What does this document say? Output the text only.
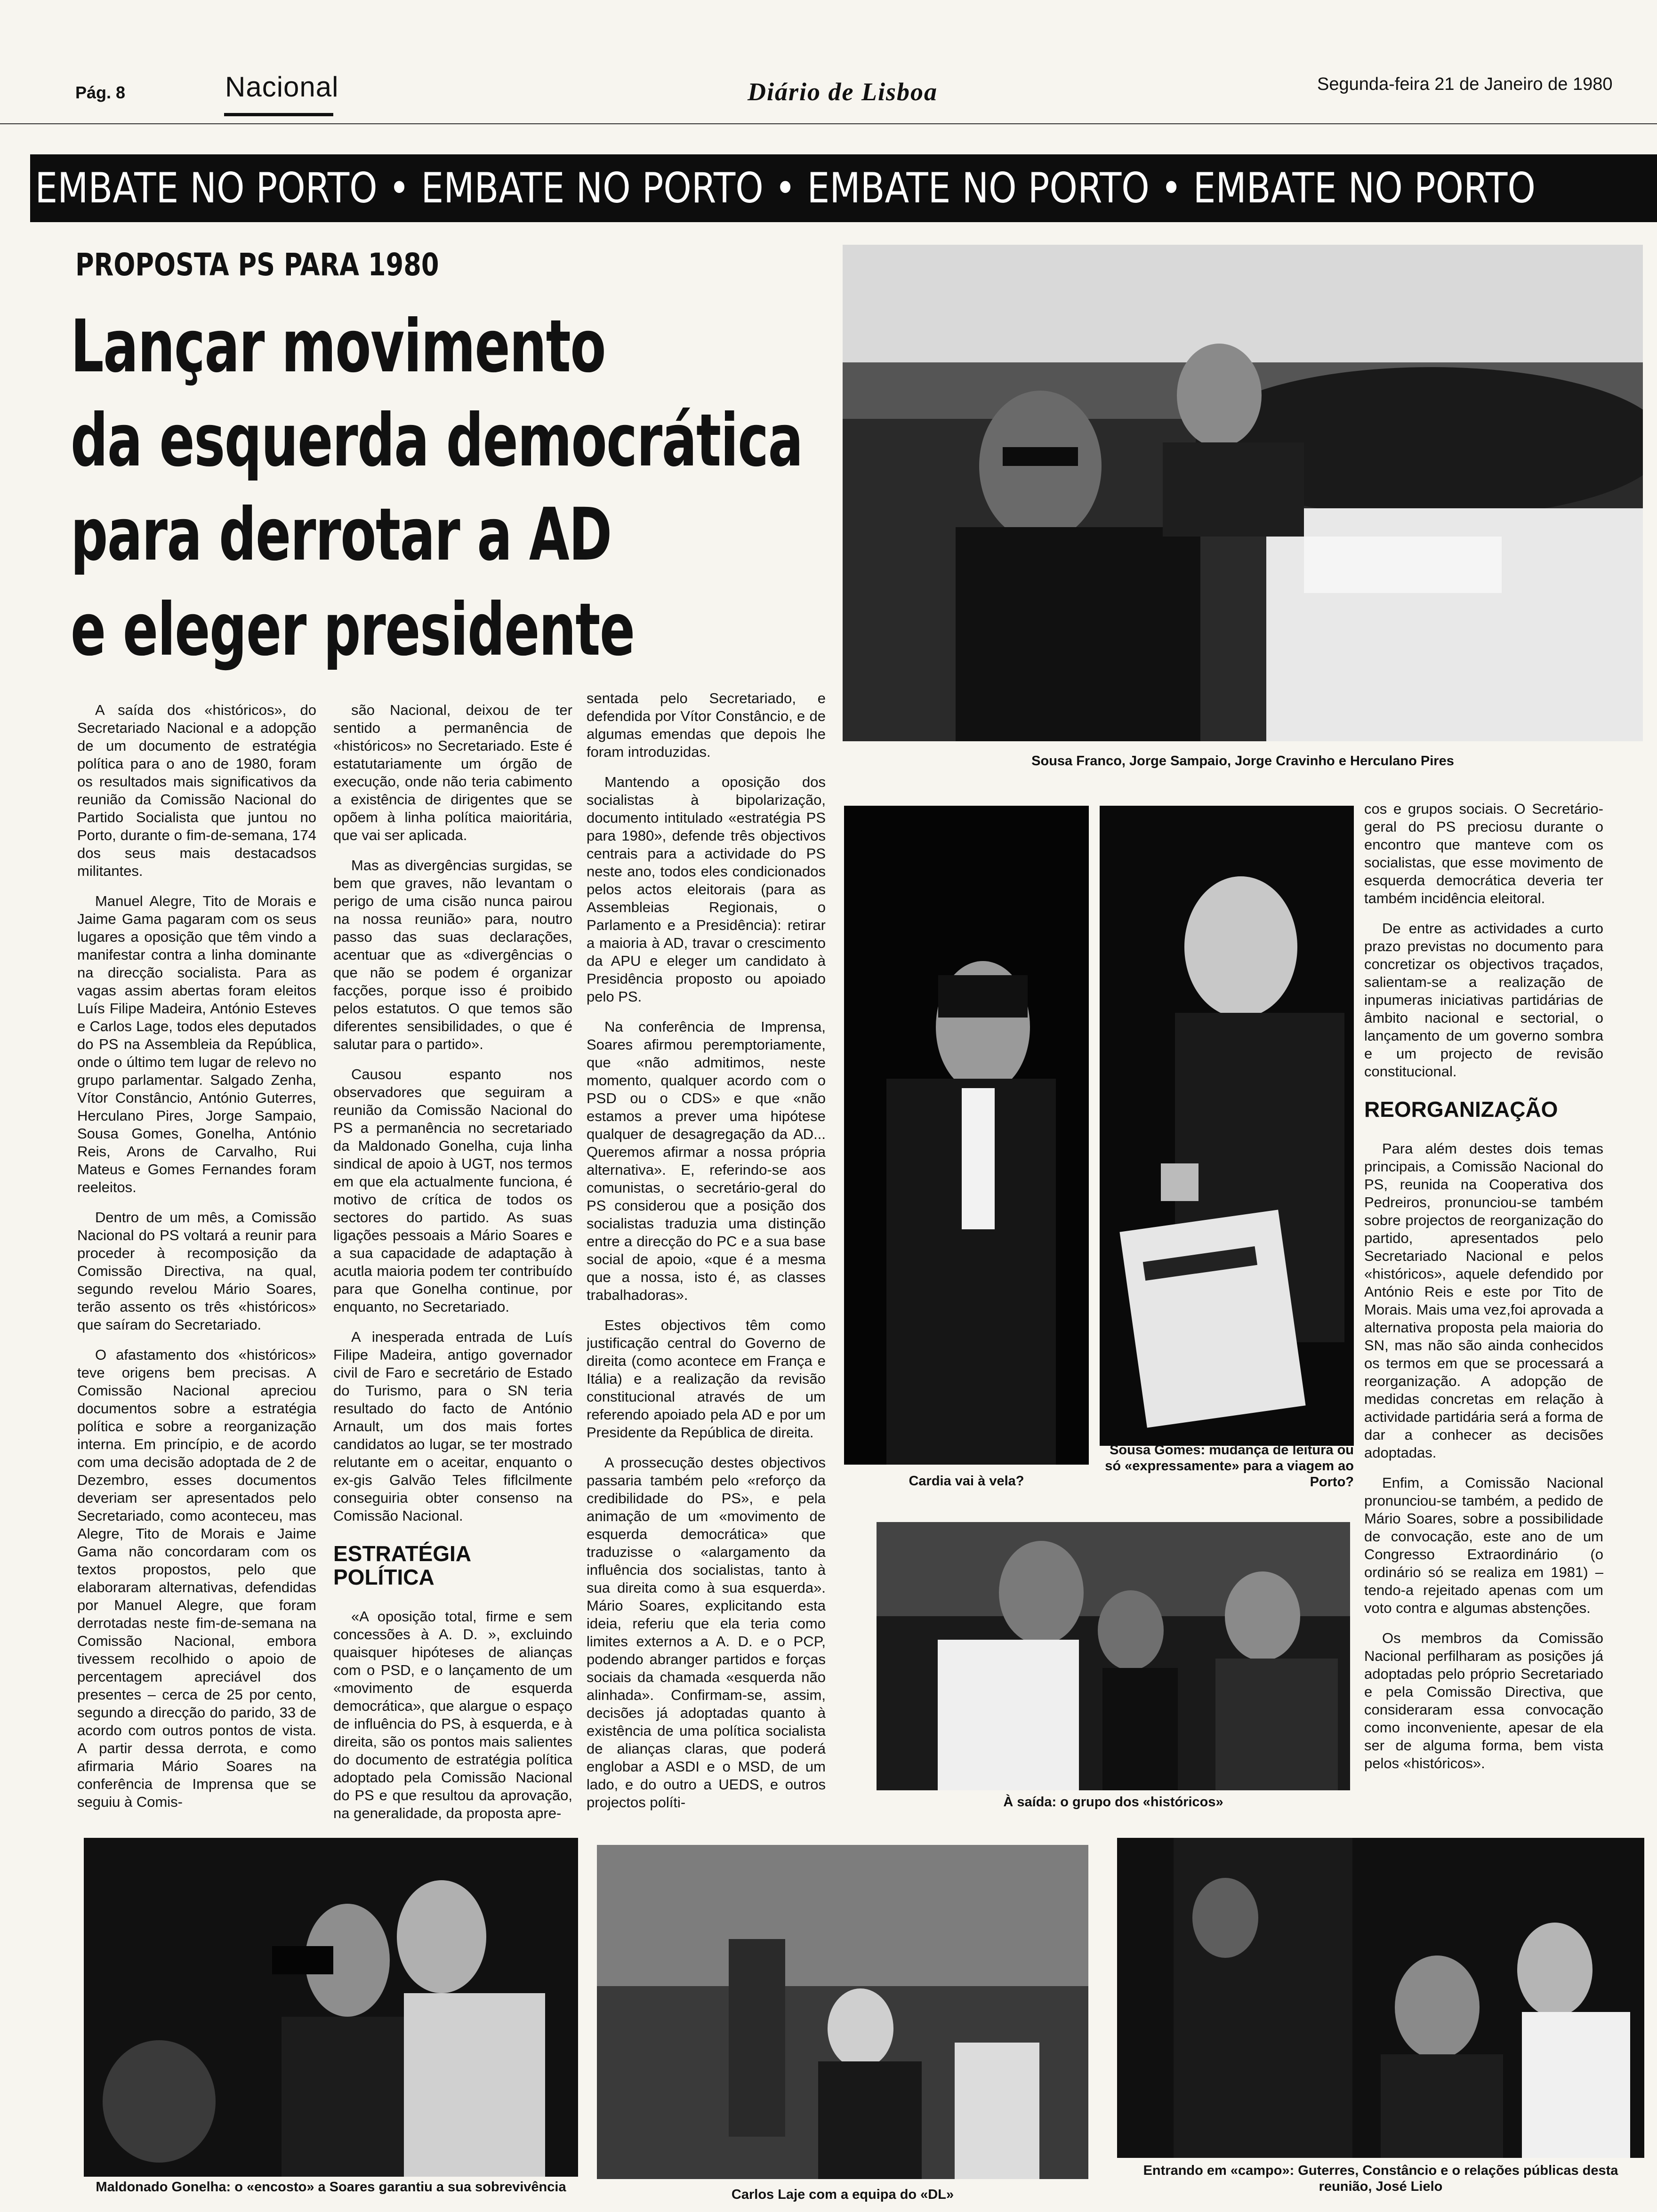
Pág. 8	Nacional	Diário de Lisboa	Segunda-feira 21 de Janeiro de 1980
EMBATE NO PORTO • EMBATE NO PORTO • EMBATE NO PORTO • EMBATE NO PORTO
PROPOSTA PS PARA 1980
Lançar movimento
da esquerda democrática
para derrotar a AD
e eleger presidente

A saída dos «históricos», do Secretariado Nacional e a adopção de um documento de estratégia política para o ano de 1980, foram os resultados mais significativos da reunião da Comissão Nacional do Partido Socialista que juntou no Porto, durante o fim-de-semana, 174 dos seus mais destacadsos militantes.

Manuel Alegre, Tito de Morais e Jaime Gama pagaram com os seus lugares a oposição que têm vindo a manifestar contra a linha dominante na direcção socialista. Para as vagas assim abertas foram eleitos Luís Filipe Madeira, António Esteves e Carlos Lage, todos eles deputados do PS na Assembleia da República, onde o último tem lugar de relevo no grupo parlamentar. Salgado Zenha, Vítor Constâncio, António Guterres, Herculano Pires, Jorge Sampaio, Sousa Gomes, Gonelha, António Reis, Arons de Carvalho, Rui Mateus e Gomes Fernandes foram reeleitos.

Dentro de um mês, a Comissão Nacional do PS voltará a reunir para proceder à recomposição da Comissão Directiva, na qual, segundo revelou Mário Soares, terão assento os três «históricos» que saíram do Secretariado.

O afastamento dos «históricos» teve origens bem precisas. A Comissão Nacional apreciou documentos sobre a estratégia política e sobre a reorganização interna. Em princípio, e de acordo com uma decisão adoptada de 2 de Dezembro, esses documentos deveriam ser apresentados pelo Secretariado, como aconteceu, mas Alegre, Tito de Morais e Jaime Gama não concordaram com os textos propostos, pelo que elaboraram alternativas, defendidas por Manuel Alegre, que foram derrotadas neste fim-de-semana na Comissão Nacional, embora tivessem recolhido o apoio de percentagem apreciável dos presentes – cerca de 25 por cento, segundo a direcção do parido, 33 de acordo com outros pontos de vista. A partir dessa derrota, e como afirmaria Mário Soares na conferência de Imprensa que se seguiu à Comis-

são Nacional, deixou de ter sentido a permanência de «históricos» no Secretariado. Este é estatutariamente um órgão de execução, onde não teria cabimento a existência de dirigentes que se opõem à linha política maioritária, que vai ser aplicada.

Mas as divergências surgidas, se bem que graves, não levantam o perigo de uma cisão nunca pairou na nossa reunião» para, noutro passo das suas declarações, acentuar que as «divergências o que não se podem é organizar facções, porque isso é proibido pelos estatutos. O que temos são diferentes sensibilidades, o que é salutar para o partido».

Causou espanto nos observadores que seguiram a reunião da Comissão Nacional do PS a permanência no secretariado da Maldonado Gonelha, cuja linha sindical de apoio à UGT, nos termos em que ela actualmente funciona, é motivo de crítica de todos os sectores do partido. As suas ligações pessoais a Mário Soares e a sua capacidade de adaptação à acutla maioria podem ter contribuído para que Gonelha continue, por enquanto, no Secretariado.

A inesperada entrada de Luís Filipe Madeira, antigo governador civil de Faro e secretário de Estado do Turismo, para o SN teria resultado do facto de António Arnault, um dos mais fortes candidatos ao lugar, se ter mostrado relutante em o aceitar, enquanto o ex-gis Galvão Teles fiflcilmente conseguiria obter consenso na Comissão Nacional.

ESTRATÉGIA POLÍTICA

«A oposição total, firme e sem concessões à A. D. », excluindo quaisquer hipóteses de alianças com o PSD, e o lançamento de um «movimento de esquerda democrática», que alargue o espaço de influência do PS, à esquerda, e à direita, são os pontos mais salientes do documento de estratégia política adoptado pela Comissão Nacional do PS e que resultou da aprovação, na generalidade, da proposta apre-

sentada pelo Secretariado, e defendida por Vítor Constâncio, e de algumas emendas que depois lhe foram introduzidas.

Mantendo a oposição dos socialistas à bipolarização, documento intitulado «estratégia PS para 1980», defende três objectivos centrais para a actividade do PS neste ano, todos eles condicionados pelos actos eleitorais (para as Assembleias Regionais, o Parlamento e a Presidência): retirar a maioria à AD, travar o crescimento da APU e eleger um candidato à Presidência proposto ou apoiado pelo PS.

Na conferência de Imprensa, Soares afirmou peremptoriamente, que «não admitimos, neste momento, qualquer acordo com o PSD ou o CDS» e que «não estamos a prever uma hipótese qualquer de desagregação da AD... Queremos afirmar a nossa própria alternativa». E, referindo-se aos comunistas, o secretário-geral do PS considerou que a posição dos socialistas traduzia uma distinção entre a direcção do PC e a sua base social de apoio, «que é a mesma que a nossa, isto é, as classes trabalhadoras».

Estes objectivos têm como justificação central do Governo de direita (como acontece em França e Itália) e a realização da revisão constitucional através de um referendo apoiado pela AD e por um Presidente da República de direita.

A prossecução destes objectivos passaria também pelo «reforço da credibilidade do PS», e pela animação de um «movimento de esquerda democrática» que traduzisse o «alargamento da influência dos socialistas, tanto à sua direita como à sua esquerda». Mário Soares, explicitando esta ideia, referiu que ela teria como limites externos a A. D. e o PCP, podendo abranger partidos e forças sociais da chamada «esquerda não alinhada». Confirmam-se, assim, decisões já adoptadas quanto à existência de uma política socialista de alianças claras, que poderá englobar a ASDI e o MSD, de um lado, e do outro a UEDS, e outros projectos políti-

cos e grupos sociais. O Secretário-geral do PS preciosu durante o encontro que manteve com os socialistas, que esse movimento de esquerda democrática deveria ter também incidência eleitoral.

De entre as actividades a curto prazo previstas no documento para concretizar os objectivos traçados, salientam-se a realização de inpumeras iniciativas partidárias de âmbito nacional e sectorial, o lançamento de um governo sombra e um projecto de revisão constitucional.

REORGANIZAÇÃO

Para além destes dois temas principais, a Comissão Nacional do PS, reunida na Cooperativa dos Pedreiros, pronunciou-se também sobre projectos de reorganização do partido, apresentados pelo Secretariado Nacional e pelos «históricos», aquele defendido por António Reis e este por Tito de Morais. Mais uma vez,foi aprovada a alternativa proposta pela maioria do SN, mas não são ainda conhecidos os termos em que se processará a reorganização. A adopção de medidas concretas em relação à actividade partidária será a forma de dar a conhecer as decisões adoptadas.

Enfim, a Comissão Nacional pronunciou-se também, a pedido de Mário Soares, sobre a possibilidade de convocação, este ano de um Congresso Extraordinário (o ordinário só se realiza em 1981) – tendo-a rejeitado apenas com um voto contra e algumas abstenções.

Os membros da Comissão Nacional perfilharam as posições já adoptadas pelo próprio Secretariado e pela Comissão Directiva, que consideraram essa convocação como inconveniente, apesar de ela ser de alguma forma, bem vista pelos «históricos».

Sousa Franco, Jorge Sampaio, Jorge Cravinho e Herculano Pires
Cardia vai à vela?
Sousa Gomes: mudança de leitura ou só «expressamente» para a viagem ao Porto?
À saída: o grupo dos «históricos»
Maldonado Gonelha: o «encosto» a Soares garantiu a sua sobrevivência	Carlos Laje com a equipa do «DL»
Entrando em «campo»: Guterres, Constâncio e o relações públicas desta reunião, José Lielo
